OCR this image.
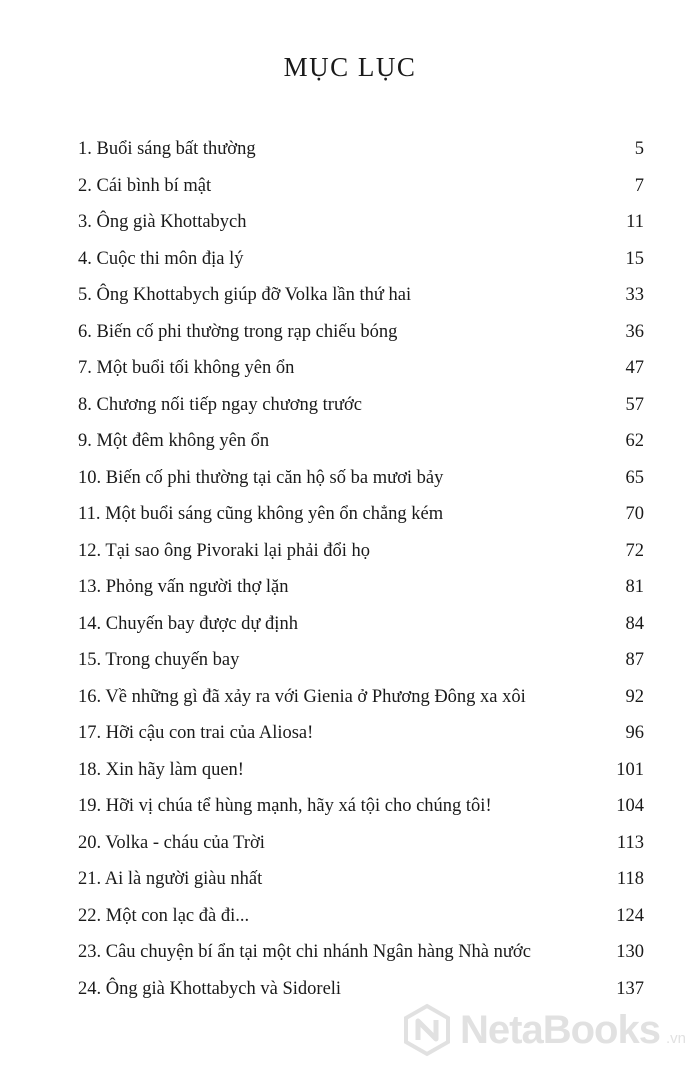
MỤC LỤC
1. Buổi sáng bất thường	5
2. Cái bình bí mật	7
3. Ông già Khottabych	11
4. Cuộc thi môn địa lý	15
5. Ông Khottabych giúp đỡ Volka lần thứ hai	33
6. Biến cố phi thường trong rạp chiếu bóng	36
7. Một buổi tối không yên ổn	47
8. Chương nối tiếp ngay chương trước	57
9. Một đêm không yên ổn	62
10. Biến cố phi thường tại căn hộ số ba mươi bảy	65
11. Một buổi sáng cũng không yên ổn chẳng kém	70
12. Tại sao ông Pivoraki lại phải đổi họ	72
13. Phỏng vấn người thợ lặn	81
14. Chuyến bay được dự định	84
15. Trong chuyến bay	87
16. Về những gì đã xảy ra với Gienia ở Phương Đông xa xôi	92
17. Hỡi cậu con trai của Aliosa!	96
18. Xin hãy làm quen!	101
19. Hỡi vị chúa tể hùng mạnh, hãy xá tội cho chúng tôi!	104
20. Volka - cháu của Trời	113
21. Ai là người giàu nhất	118
22. Một con lạc đà đi...	124
23. Câu chuyện bí ẩn tại một chi nhánh Ngân hàng Nhà nước	130
24. Ông già Khottabych và Sidoreli	137
NetaBooks .vn
